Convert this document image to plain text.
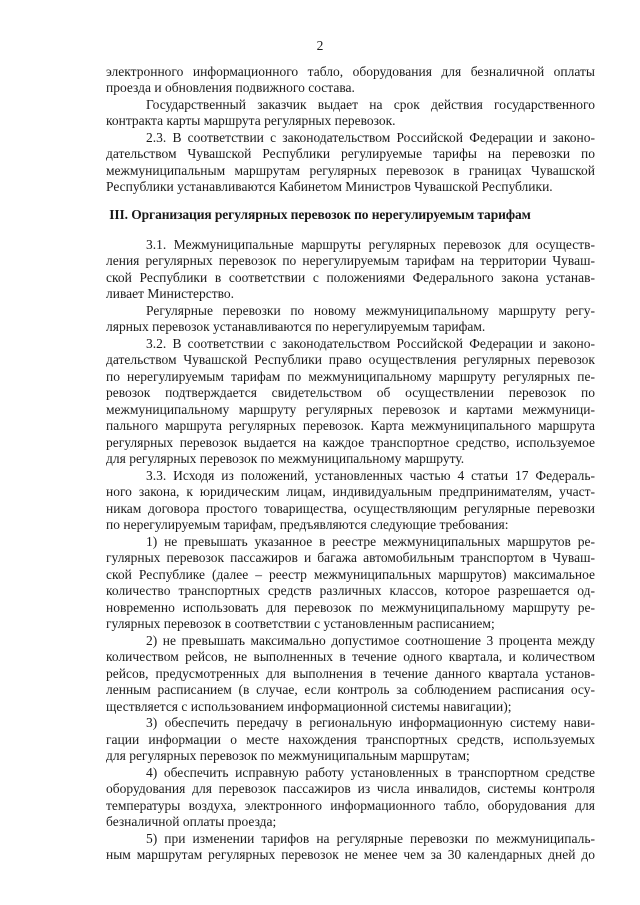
2
электронного информационного табло, оборудования для безналичной оплаты
проезда и обновления подвижного состава.
Государственный заказчик выдает на срок действия государственного
контракта карты маршрута регулярных перевозок.
2.3. В соответствии с законодательством Российской Федерации и законо-
дательством Чувашской Республики регулируемые тарифы на перевозки по
межмуниципальным маршрутам регулярных перевозок в границах Чувашской
Республики устанавливаются Кабинетом Министров Чувашской Республики.
III. Организация регулярных перевозок по нерегулируемым тарифам
3.1. Межмуниципальные маршруты регулярных перевозок для осуществ-
ления регулярных перевозок по нерегулируемым тарифам на территории Чуваш-
ской Республики в соответствии с положениями Федерального закона устанав-
ливает Министерство.
Регулярные перевозки по новому межмуниципальному маршруту регу-
лярных перевозок устанавливаются по нерегулируемым тарифам.
3.2. В соответствии с законодательством Российской Федерации и законо-
дательством Чувашской Республики право осуществления регулярных перевозок
по нерегулируемым тарифам по межмуниципальному маршруту регулярных пе-
ревозок подтверждается свидетельством об осуществлении перевозок по
межмуниципальному маршруту регулярных перевозок и картами межмуници-
пального маршрута регулярных перевозок. Карта межмуниципального маршрута
регулярных перевозок выдается на каждое транспортное средство, используемое
для регулярных перевозок по межмуниципальному маршруту.
3.3. Исходя из положений, установленных частью 4 статьи 17 Федераль-
ного закона, к юридическим лицам, индивидуальным предпринимателям, участ-
никам договора простого товарищества, осуществляющим регулярные перевозки
по нерегулируемым тарифам, предъявляются следующие требования:
1) не превышать указанное в реестре межмуниципальных маршрутов ре-
гулярных перевозок пассажиров и багажа автомобильным транспортом в Чуваш-
ской Республике (далее – реестр межмуниципальных маршрутов) максимальное
количество транспортных средств различных классов, которое разрешается од-
новременно использовать для перевозок по межмуниципальному маршруту ре-
гулярных перевозок в соответствии с установленным расписанием;
2) не превышать максимально допустимое соотношение 3 процента между
количеством рейсов, не выполненных в течение одного квартала, и количеством
рейсов, предусмотренных для выполнения в течение данного квартала установ-
ленным расписанием (в случае, если контроль за соблюдением расписания осу-
ществляется с использованием информационной системы навигации);
3) обеспечить передачу в региональную информационную систему нави-
гации информации о месте нахождения транспортных средств, используемых
для регулярных перевозок по межмуниципальным маршрутам;
4) обеспечить исправную работу установленных в транспортном средстве
оборудования для перевозок пассажиров из числа инвалидов, системы контроля
температуры воздуха, электронного информационного табло, оборудования для
безналичной оплаты проезда;
5) при изменении тарифов на регулярные перевозки по межмуниципаль-
ным маршрутам регулярных перевозок не менее чем за 30 календарных дней до
